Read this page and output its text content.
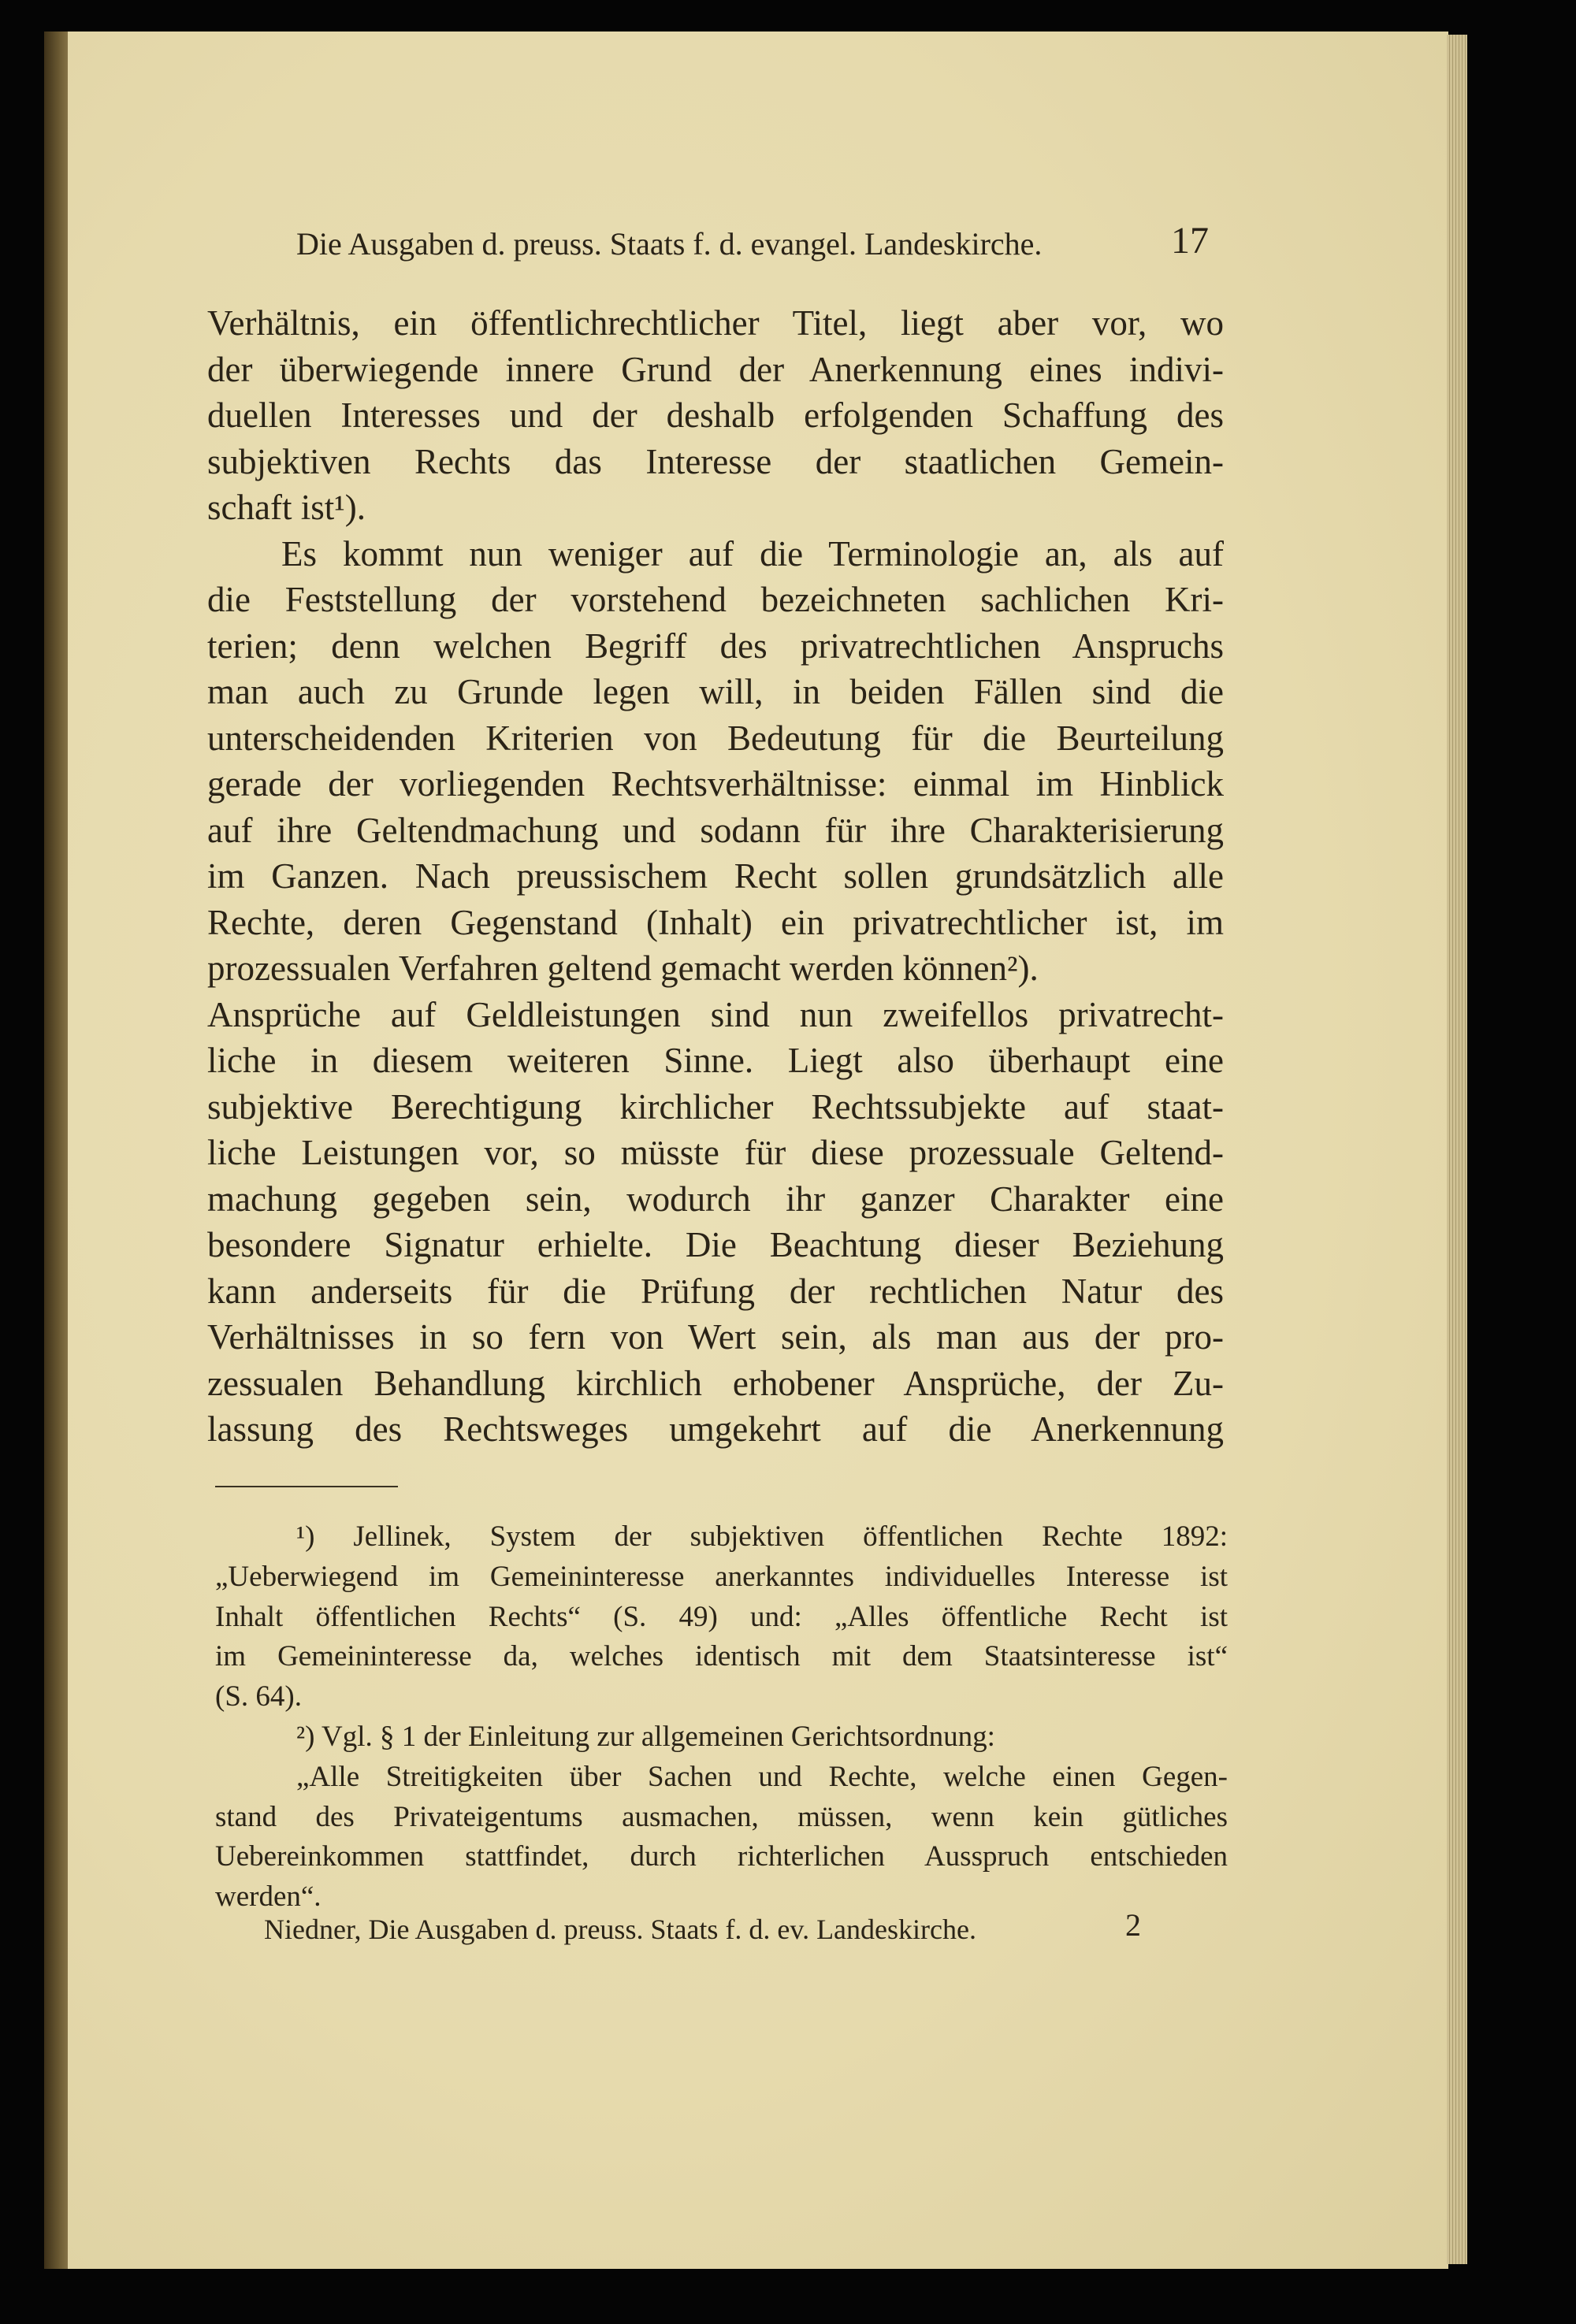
Die Ausgaben d. preuss. Staats f. d. evangel. Landeskirche.	17
Verhältnis, ein öffentlichrechtlicher Titel, liegt aber vor, wo
der überwiegende innere Grund der Anerkennung eines indivi-
duellen Interesses und der deshalb erfolgenden Schaffung des
subjektiven Rechts das Interesse der staatlichen Gemein-
schaft ist¹).
Es kommt nun weniger auf die Terminologie an, als auf
die Feststellung der vorstehend bezeichneten sachlichen Kri-
terien; denn welchen Begriff des privatrechtlichen Anspruchs
man auch zu Grunde legen will, in beiden Fällen sind die
unterscheidenden Kriterien von Bedeutung für die Beurteilung
gerade der vorliegenden Rechtsverhältnisse: einmal im Hinblick
auf ihre Geltendmachung und sodann für ihre Charakterisierung
im Ganzen. Nach preussischem Recht sollen grundsätzlich alle
Rechte, deren Gegenstand (Inhalt) ein privatrechtlicher ist, im
prozessualen Verfahren geltend gemacht werden können²).
Ansprüche auf Geldleistungen sind nun zweifellos privatrecht-
liche in diesem weiteren Sinne. Liegt also überhaupt eine
subjektive Berechtigung kirchlicher Rechtssubjekte auf staat-
liche Leistungen vor, so müsste für diese prozessuale Geltend-
machung gegeben sein, wodurch ihr ganzer Charakter eine
besondere Signatur erhielte. Die Beachtung dieser Beziehung
kann anderseits für die Prüfung der rechtlichen Natur des
Verhältnisses in so fern von Wert sein, als man aus der pro-
zessualen Behandlung kirchlich erhobener Ansprüche, der Zu-
lassung des Rechtsweges umgekehrt auf die Anerkennung
¹) Jellinek, System der subjektiven öffentlichen Rechte 1892:
„Ueberwiegend im Gemeininteresse anerkanntes individuelles Interesse ist
Inhalt öffentlichen Rechts“ (S. 49) und: „Alles öffentliche Recht ist
im Gemeininteresse da, welches identisch mit dem Staatsinteresse ist“
(S. 64).
²) Vgl. § 1 der Einleitung zur allgemeinen Gerichtsordnung:
„Alle Streitigkeiten über Sachen und Rechte, welche einen Gegen-
stand des Privateigentums ausmachen, müssen, wenn kein gütliches
Uebereinkommen stattfindet, durch richterlichen Ausspruch entschieden
werden“.
Niedner, Die Ausgaben d. preuss. Staats f. d. ev. Landeskirche.	2
